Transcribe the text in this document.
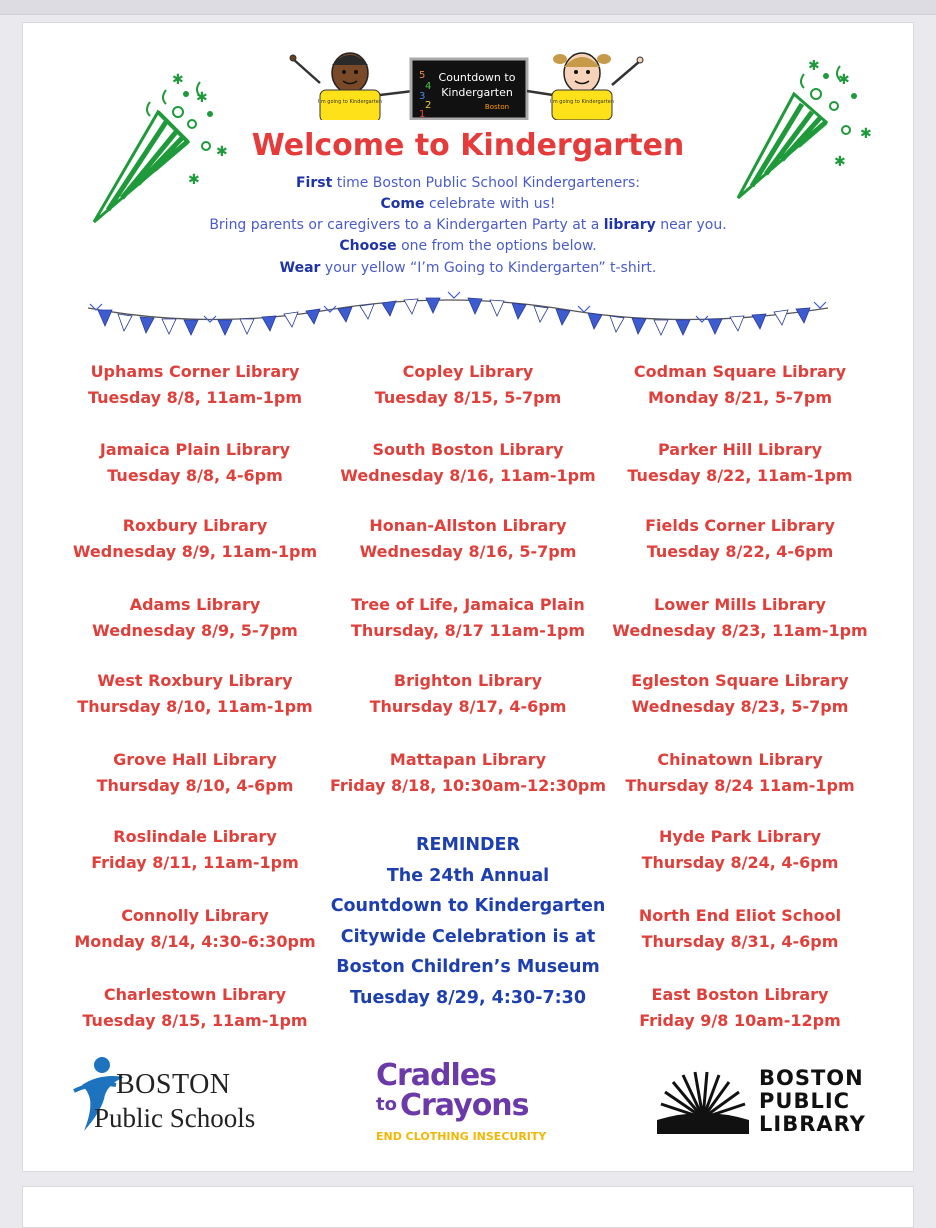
I'm going to Kindergarten
5
4
3
2
1
Countdown to
Kindergarten
Boston
I'm going to Kindergarten
✱
✱
✱
✱
✱
✱
✱
✱
Welcome to Kindergarten
First time Boston Public School Kindergarteners:
Come celebrate with us!
Bring parents or caregivers to a Kindergarten Party at a library near you.
Choose one from the options below.
Wear your yellow “I’m Going to Kindergarten” t-shirt.
Uphams Corner Library
Tuesday 8/8, 11am-1pm
Jamaica Plain Library
Tuesday 8/8, 4-6pm
Roxbury Library
Wednesday 8/9, 11am-1pm
Adams Library
Wednesday 8/9, 5-7pm
West Roxbury Library
Thursday 8/10, 11am-1pm
Grove Hall Library
Thursday 8/10, 4-6pm
Roslindale Library
Friday 8/11, 11am-1pm
Connolly Library
Monday 8/14, 4:30-6:30pm
Charlestown Library
Tuesday 8/15, 11am-1pm
Copley Library
Tuesday 8/15, 5-7pm
South Boston Library
Wednesday 8/16, 11am-1pm
Honan-Allston Library
Wednesday 8/16, 5-7pm
Tree of Life, Jamaica Plain
Thursday, 8/17 11am-1pm
Brighton Library
Thursday 8/17, 4-6pm
Mattapan Library
Friday 8/18, 10:30am-12:30pm
Codman Square Library
Monday 8/21, 5-7pm
Parker Hill Library
Tuesday 8/22, 11am-1pm
Fields Corner Library
Tuesday 8/22, 4-6pm
Lower Mills Library
Wednesday 8/23, 11am-1pm
Egleston Square Library
Wednesday 8/23, 5-7pm
Chinatown Library
Thursday 8/24 11am-1pm
Hyde Park Library
Thursday 8/24, 4-6pm
North End Eliot School
Thursday 8/31, 4-6pm
East Boston Library
Friday 9/8 10am-12pm
REMINDER
The 24th Annual
Countdown to Kindergarten
Citywide Celebration is at
Boston Children’s Museum
Tuesday 8/29, 4:30-7:30
BOSTON
Public Schools
Cradles
to Crayons
END CLOTHING INSECURITY
BOSTON
PUBLIC
LIBRARY
